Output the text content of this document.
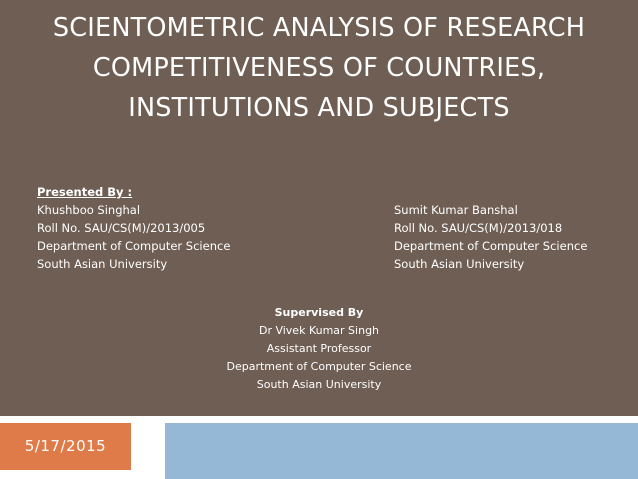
SCIENTOMETRIC ANALYSIS OF RESEARCH
COMPETITIVENESS OF COUNTRIES,
INSTITUTIONS AND SUBJECTS
Presented By :
Khushboo Singhal
Roll No. SAU/CS(M)/2013/005
Department of Computer Science
South Asian University
Sumit Kumar Banshal
Roll No. SAU/CS(M)/2013/018
Department of Computer Science
South Asian University
Supervised By
Dr Vivek Kumar Singh
Assistant Professor
Department of Computer Science
South Asian University
5/17/2015
